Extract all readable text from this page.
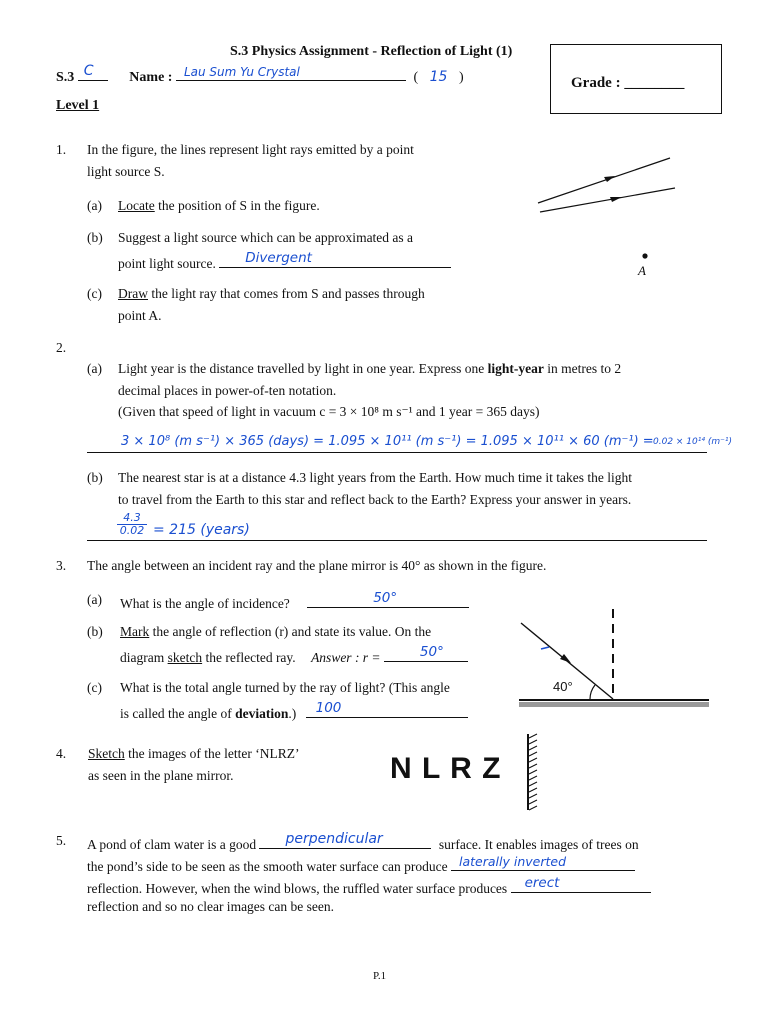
S.3 Physics Assignment - Reflection of Light (1)
Grade : ________
S.3 C	Name : Lau Sum Yu Crystal	( 15 )
Level 1
1. In the figure, the lines represent light rays emitted by a point
light source S.
(a) Locate the position of S in the figure.
(b) Suggest a light source which can be approximated as a
point light source. Divergent
(c) Draw the light ray that comes from S and passes through
point A.
A
2.
(a) Light year is the distance travelled by light in one year. Express one light-year in metres to 2
decimal places in power-of-ten notation.
(Given that speed of light in vacuum c = 3 × 10⁸ m s⁻¹ and 1 year = 365 days)
3 × 10⁸ (m s⁻¹) × 365 (days) = 1.095 × 10¹¹ (m s⁻¹) = 1.095 × 10¹¹ × 60 (m⁻¹) = 0.02 × 10¹⁴ (m⁻¹)
(b) The nearest star is at a distance 4.3 light years from the Earth. How much time it takes the light
to travel from the Earth to this star and reflect back to the Earth? Express your answer in years.
$\frac{4.3}{0.02} = 215$ (years)
3. The angle between an incident ray and the plane mirror is 40° as shown in the figure.
(a) What is the angle of incidence?	50°
(b) Mark the angle of reflection (r) and state its value. On the
diagram sketch the reflected ray. Answer : r =	50°
(c) What is the total angle turned by the ray of light? (This angle
is called the angle of deviation.) 100
40°
4. Sketch the images of the letter ‘NLRZ’
as seen in the plane mirror.	N L R Z
5. A pond of clam water is a good perpendicular	surface. It enables images of trees on
the pond’s side to be seen as the smooth water surface can produce laterally inverted
reflection. However, when the wind blows, the ruffled water surface produces erect
reflection and so no clear images can be seen.
P.1
